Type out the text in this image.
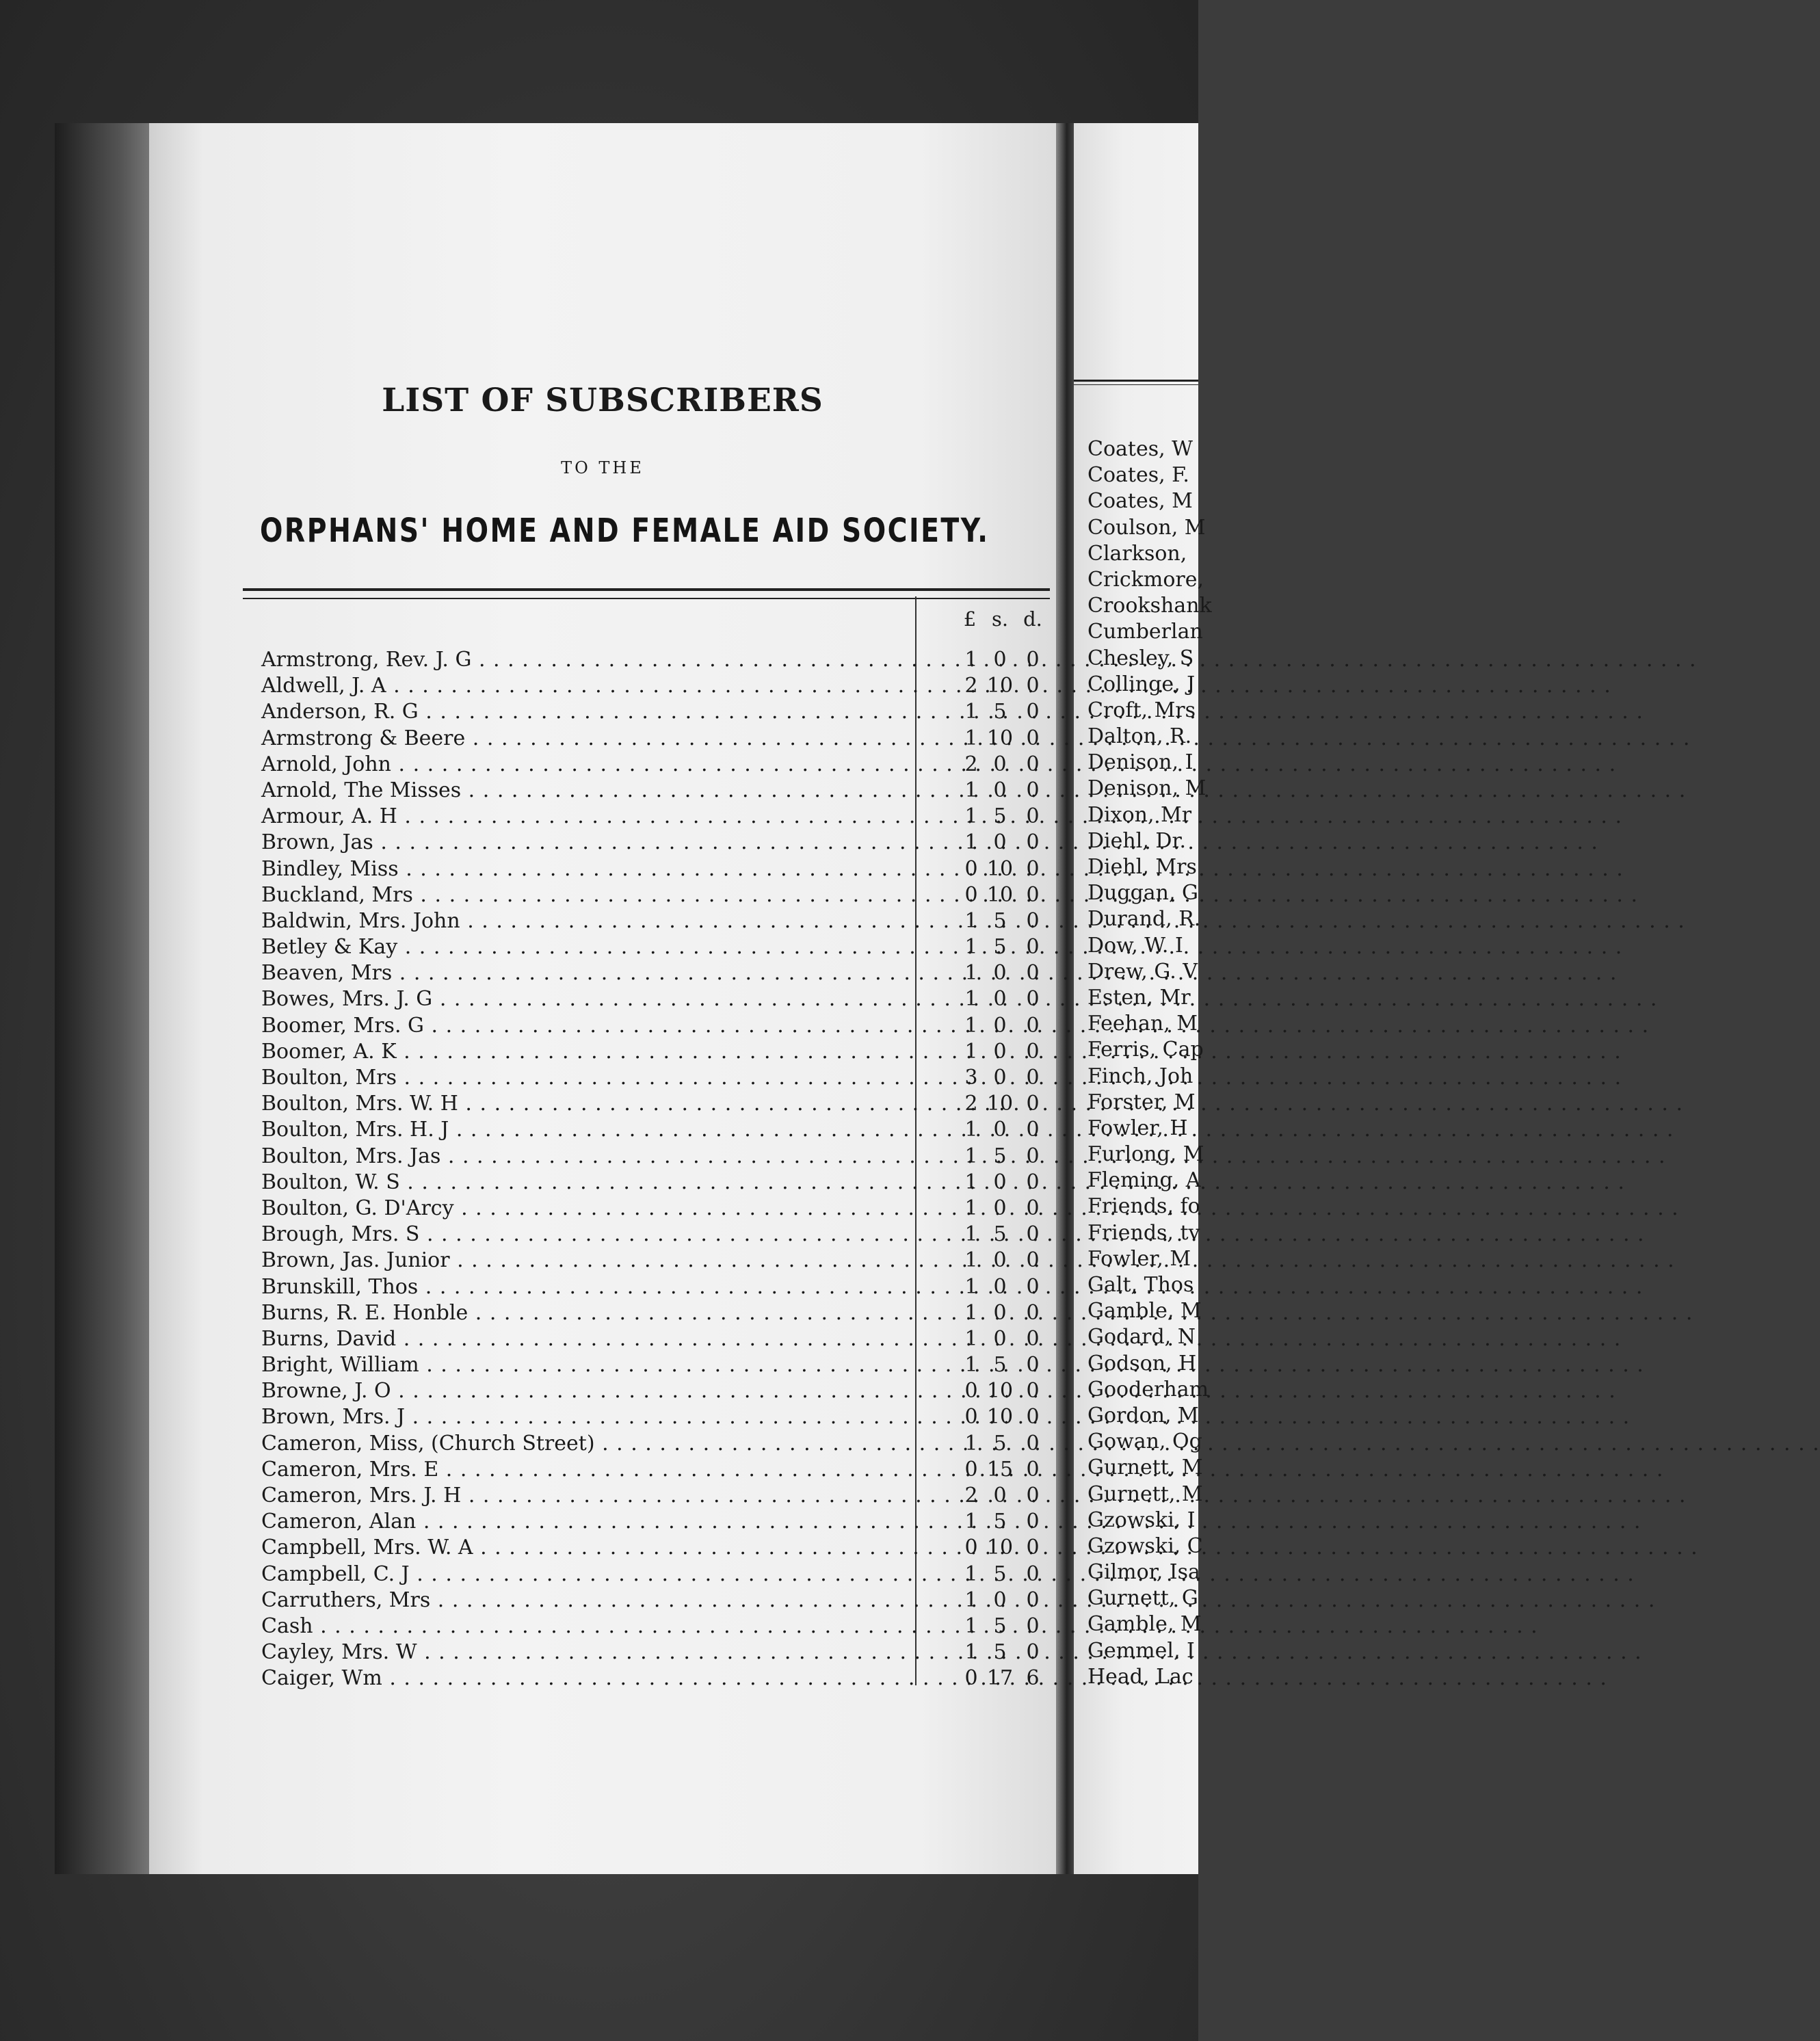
Coates, W
Coates, F.
Coates, M
Coulson, M
Clarkson,
Crickmore,
Crookshank
Cumberlan
Chesley, S
Collinge, J
Croft, Mrs
Dalton, R.
Denison, I
Denison, M
Dixon, Mr
Diehl, Dr.
Diehl, Mrs
Duggan, G
Durand, R.
Dow, W. I
Drew, G. V
Esten, Mr
Feehan, M
Ferris, Cap
Finch, Joh
Forster, M
Fowler, H
Furlong, M
Fleming, A
Friends, fo
Friends, tv
Fowler, M
Galt, Thos
Gamble, M
Godard, N
Godson, H
Gooderham
Gordon, M
Gowan, Og
Gurnett, M
Gurnett, M
Gzowski, I
Gzowski, C
Gilmor, Isa
Gurnett, G
Gamble, M
Gemmel, I
Head, Lac
LIST OF SUBSCRIBERS
TO THE
ORPHANS' HOME AND FEMALE AID SOCIETY.
£ s. d.
Armstrong, Rev. J. G . . .	1 0 0
Aldwell, J. A . . .	2 10 0
Anderson, R. G . . .	1 5 0
Armstrong & Beere . . .	1 10 0
Arnold, John . . .	2 0 0
Arnold, The Misses . . .	1 0 0
Armour, A. H . . .	1 5 0
Brown, Jas . . .	1 0 0
Bindley, Miss . . .	0 10 0
Buckland, Mrs . . .	0 10 0
Baldwin, Mrs. John . . .	1 5 0
Betley & Kay . . .	1 5 0
Beaven, Mrs . . .	1 0 0
Bowes, Mrs. J. G . . .	1 0 0
Boomer, Mrs. G . . .	1 0 0
Boomer, A. K . . .	1 0 0
Boulton, Mrs . . .	3 0 0
Boulton, Mrs. W. H . . .	2 10 0
Boulton, Mrs. H. J . . .	1 0 0
Boulton, Mrs. Jas . . .	1 5 0
Boulton, W. S . . .	1 0 0
Boulton, G. D'Arcy . . .	1 0 0
Brough, Mrs. S . . .	1 5 0
Brown, Jas. Junior . . .	1 0 0
Brunskill, Thos . . .	1 0 0
Burns, R. E. Honble . . .	1 0 0
Burns, David . . .	1 0 0
Bright, William . . .	1 5 0
Browne, J. O . . .	0 10 0
Brown, Mrs. J . . .	0 10 0
Cameron, Miss, (Church Street) . . .	1 5 0
Cameron, Mrs. E . . .	0 15 0
Cameron, Mrs. J. H . . .	2 0 0
Cameron, Alan . . .	1 5 0
Campbell, Mrs. W. A . . .	0 10 0
Campbell, C. J . . .	1 5 0
Carruthers, Mrs . . .	1 0 0
Cash . . .	1 5 0
Cayley, Mrs. W . . .	1 5 0
Caiger, Wm . . .	0 17 6
